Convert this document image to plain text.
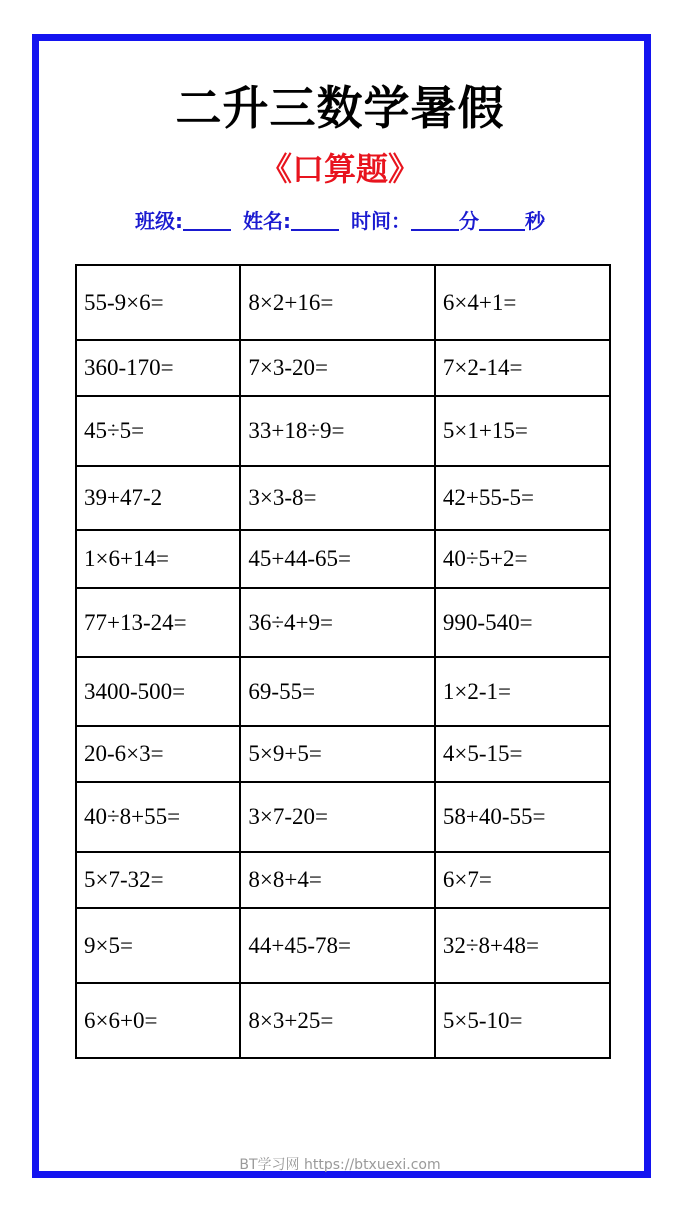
二升三数学暑假
《口算题》
班级:	姓名:	时间： 分 秒
55-9×6=	8×2+16=	6×4+1=
360-170=	7×3-20=	7×2-14=
45÷5=	33+18÷9=	5×1+15=
39+47-2	3×3-8=	42+55-5=
1×6+14=	45+44-65=	40÷5+2=
77+13-24=	36÷4+9=	990-540=
3400-500=	69-55=	1×2-1=
20-6×3=	5×9+5=	4×5-15=
40÷8+55=	3×7-20=	58+40-55=
5×7-32=	8×8+4=	6×7=
9×5=	44+45-78=	32÷8+48=
6×6+0=	8×3+25=	5×5-10=
BT学习网 https://btxuexi.com
